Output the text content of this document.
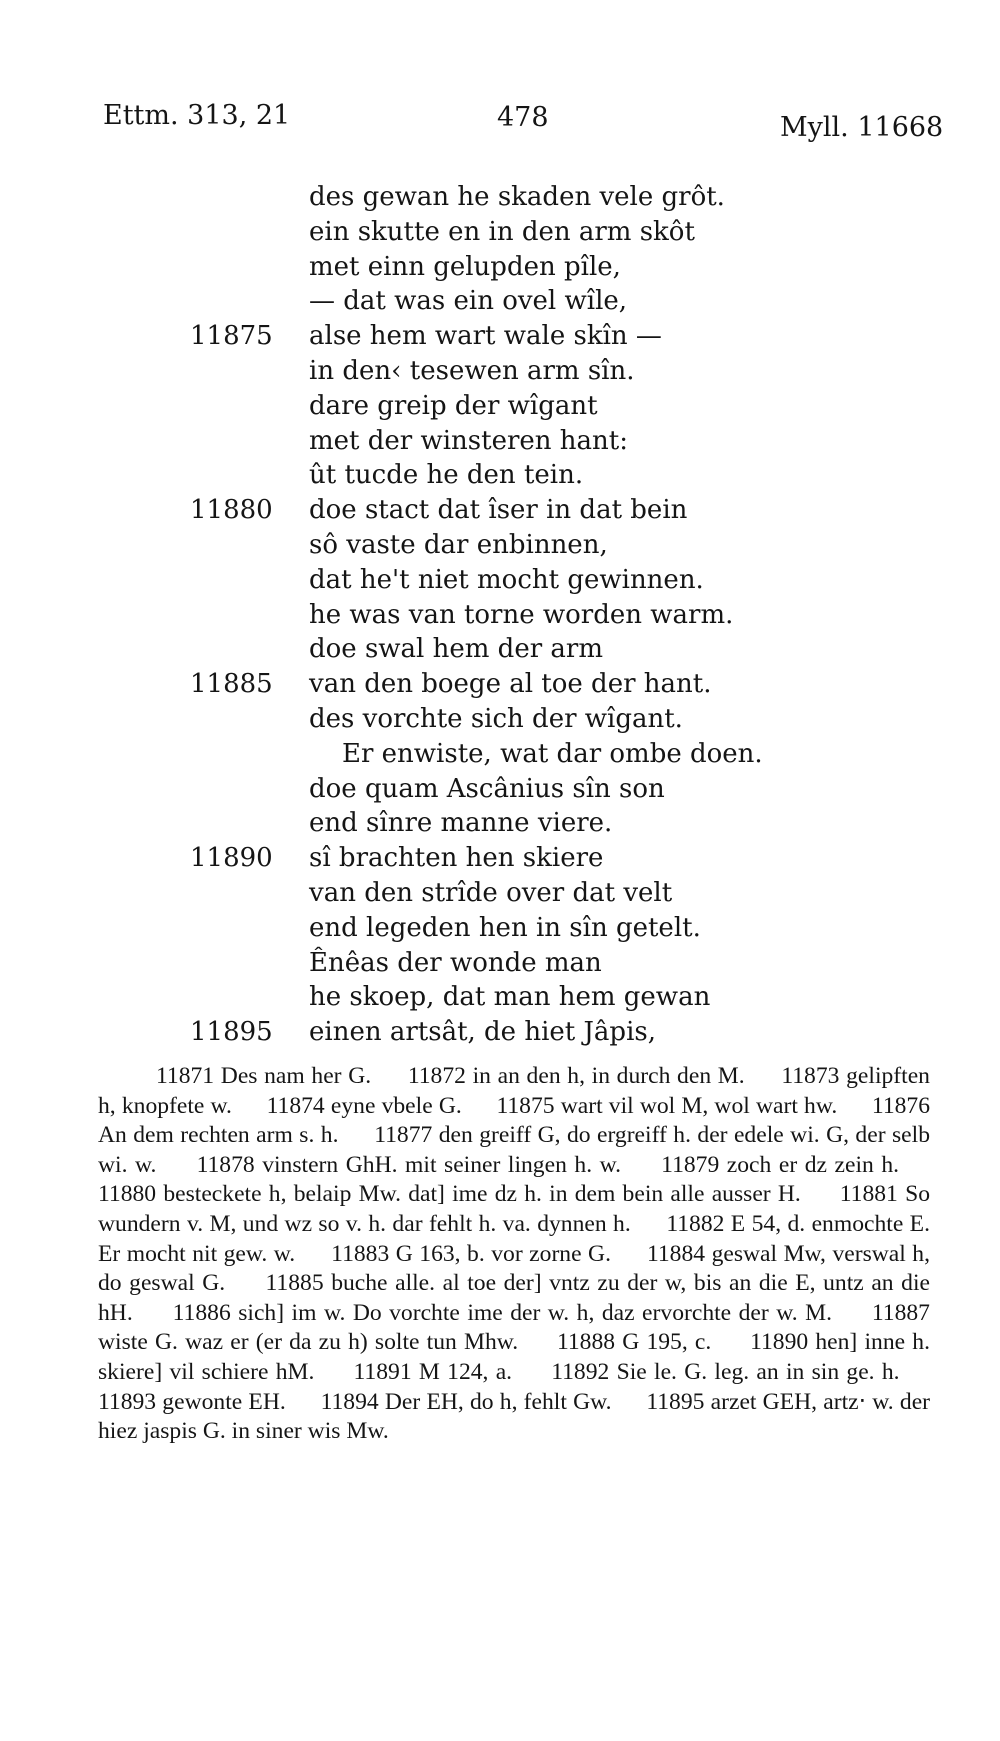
Ettm. 313, 21	478	Myll. 11668
des gewan he skaden vele grôt.
ein skutte en in den arm skôt
met einn gelupden pîle,
— dat was ein ovel wîle,
11875 alse hem wart wale skîn —
in den‹ tesewen arm sîn.
dare greip der wîgant
met der winsteren hant:
ût tucde he den tein.
11880 doe stact dat îser in dat bein
sô vaste dar enbinnen,
dat he't niet mocht gewinnen.
he was van torne worden warm.
doe swal hem der arm
11885 van den boege al toe der hant.
des vorchte sich der wîgant.
Er enwiste, wat dar ombe doen.
doe quam Ascânius sîn son
end sînre manne viere.
11890 sî brachten hen skiere
van den strîde over dat velt
end legeden hen in sîn getelt.
Ênêas der wonde man
he skoep, dat man hem gewan
11895 einen artsât, de hiet Jâpis,

11871 Des nam her G. 11872 in an den h, in durch den M. 11873 gelipften h, knopfete w. 11874 eyne vbele G. 11875 wart vil wol M, wol wart hw. 11876 An dem rechten arm s. h. 11877 den greiff G, do ergreiff h. der edele wi. G, der selb wi. w. 11878 vinstern GhH. mit seiner lingen h. w. 11879 zoch er dz zein h. 11880 besteckete h, belaip Mw. dat] ime dz h. in dem bein alle ausser H. 11881 So wundern v. M, und wz so v. h. dar fehlt h. va. dynnen h. 11882 E 54, d. enmochte E. Er mocht nit gew. w. 11883 G 163, b. vor zorne G. 11884 geswal Mw, verswal h, do geswal G. 11885 buche alle. al toe der] vntz zu der w, bis an die E, untz an die hH. 11886 sich] im w. Do vorchte ime der w. h, daz ervorchte der w. M. 11887 wiste G. waz er (er da zu h) solte tun Mhw. 11888 G 195, c. 11890 hen] inne h. skiere] vil schiere hM. 11891 M 124, a. 11892 Sie le. G. leg. an in sin ge. h. 11893 gewonte EH. 11894 Der EH, do h, fehlt Gw. 11895 arzet GEH, artz‧ w. der hiez jaspis G. in siner wis Mw.
